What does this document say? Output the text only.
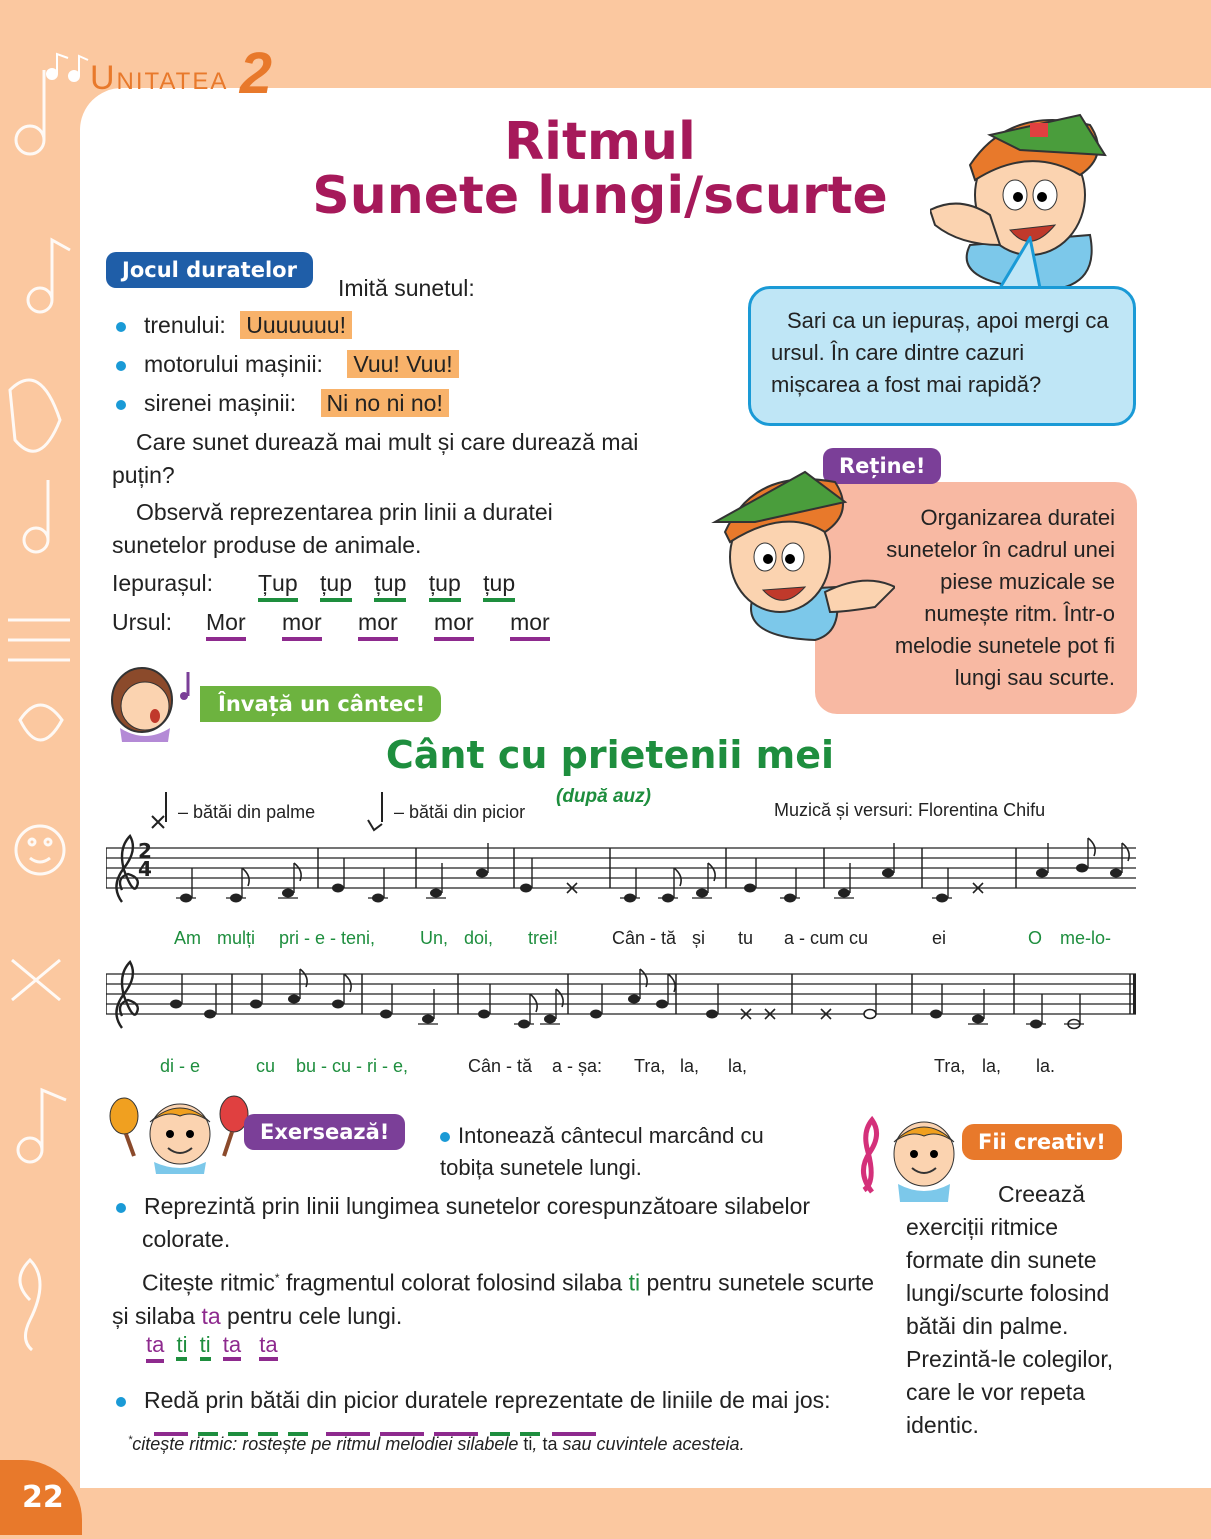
Unitatea 2
Ritmul
Sunete lungi/scurte
Jocul duratelor
Imită sunetul:
trenului: Uuuuuuu!
motorului mașinii: Vuu! Vuu!
sirenei mașinii: Ni no ni no!
Care sunet durează mai mult și care durează mai puțin?
Observă reprezentarea prin linii a duratei sunetelor produse de animale.
Iepurașul: Țup țup țup țup țup
Ursul: Mor mor mor mor mor
Sari ca un iepuraș, apoi mergi ca ursul. În care dintre cazuri mișcarea a fost mai rapidă?
Organizarea duratei sunetelor în cadrul unei piese muzicale se numește ritm. Într-o melodie sunetele pot fi lungi sau scurte.
Reține!
Învață un cântec!
Cânt cu prietenii mei
(după auz)
– bătăi din palme	– bătăi din picior	Muzică și versuri: Florentina Chifu
2
4
Am mulți pri - e - teni, Un, doi, trei!	Cân - tă și tu a - cum cu	ei	O me-lo-
di - e	cu bu - cu - ri - e,	Cân - tă a - șa: Tra, la, la,	Tra, la, la.
Exersează!	Intonează cântecul marcând cu tobița sunetele lungi.
Reprezintă prin linii lungimea sunetelor corespunzătoare silabelor colorate.
Citește ritmic* fragmentul colorat folosind silaba ti pentru sunetele scurte și silaba ta pentru cele lungi.
ta ti ti ta ta
Redă prin bătăi din picior duratele reprezentate de liniile de mai jos:
Fii creativ!
Creează exerciții ritmice formate din sunete lungi/scurte folosind bătăi din palme. Prezintă-le colegilor, care le vor repeta identic.
*citește ritmic: rostește pe ritmul melodiei silabele ti, ta sau cuvintele acesteia.
22
